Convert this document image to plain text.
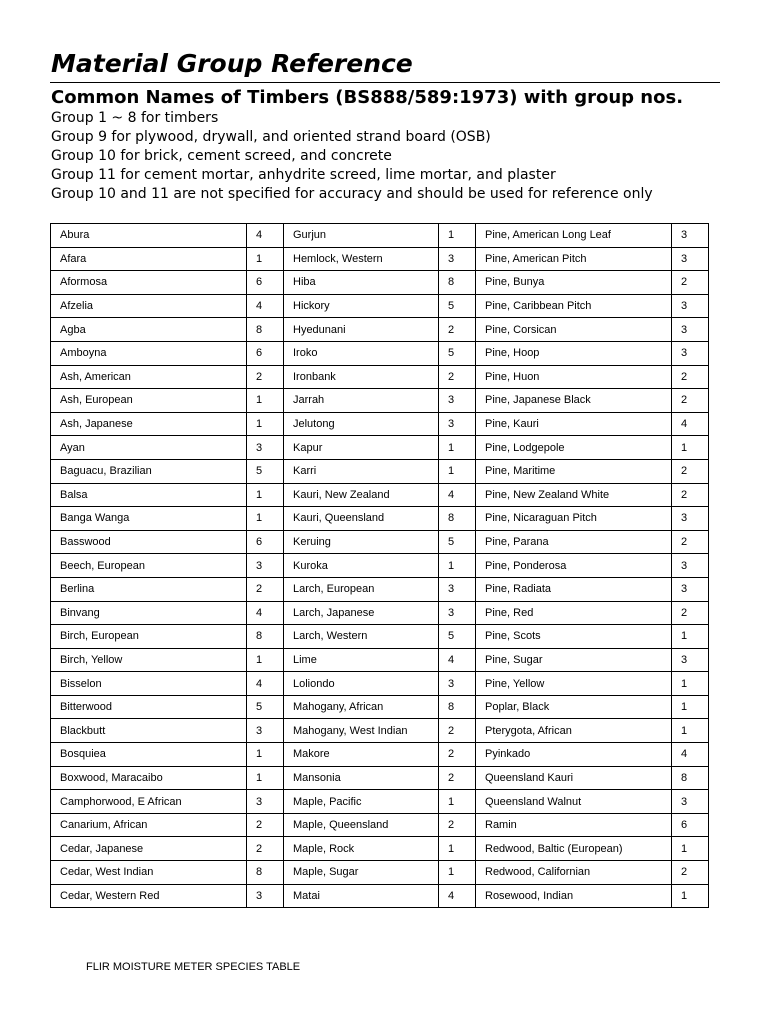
Material Group Reference
Common Names of Timbers (BS888/589:1973) with group nos.
Group 1 ~ 8 for timbers
Group 9 for plywood, drywall, and oriented strand board (OSB)
Group 10 for brick, cement screed, and concrete
Group 11 for cement mortar, anhydrite screed, lime mortar, and plaster
Group 10 and 11 are not specified for accuracy and should be used for reference only
Abura	4	Gurjun	1	Pine, American Long Leaf	3
Afara	1	Hemlock, Western	3	Pine, American Pitch	3
Aformosa	6	Hiba	8	Pine, Bunya	2
Afzelia	4	Hickory	5	Pine, Caribbean Pitch	3
Agba	8	Hyedunani	2	Pine, Corsican	3
Amboyna	6	Iroko	5	Pine, Hoop	3
Ash, American	2	Ironbank	2	Pine, Huon	2
Ash, European	1	Jarrah	3	Pine, Japanese Black	2
Ash, Japanese	1	Jelutong	3	Pine, Kauri	4
Ayan	3	Kapur	1	Pine, Lodgepole	1
Baguacu, Brazilian	5	Karri	1	Pine, Maritime	2
Balsa	1	Kauri, New Zealand	4	Pine, New Zealand White	2
Banga Wanga	1	Kauri, Queensland	8	Pine, Nicaraguan Pitch	3
Basswood	6	Keruing	5	Pine, Parana	2
Beech, European	3	Kuroka	1	Pine, Ponderosa	3
Berlina	2	Larch, European	3	Pine, Radiata	3
Binvang	4	Larch, Japanese	3	Pine, Red	2
Birch, European	8	Larch, Western	5	Pine, Scots	1
Birch, Yellow	1	Lime	4	Pine, Sugar	3
Bisselon	4	Loliondo	3	Pine, Yellow	1
Bitterwood	5	Mahogany, African	8	Poplar, Black	1
Blackbutt	3	Mahogany, West Indian	2	Pterygota, African	1
Bosquiea	1	Makore	2	Pyinkado	4
Boxwood, Maracaibo	1	Mansonia	2	Queensland Kauri	8
Camphorwood, E African	3	Maple, Pacific	1	Queensland Walnut	3
Canarium, African	2	Maple, Queensland	2	Ramin	6
Cedar, Japanese	2	Maple, Rock	1	Redwood, Baltic (European)	1
Cedar, West Indian	8	Maple, Sugar	1	Redwood, Californian	2
Cedar, Western Red	3	Matai	4	Rosewood, Indian	1

FLIR MOISTURE METER SPECIES TABLE
